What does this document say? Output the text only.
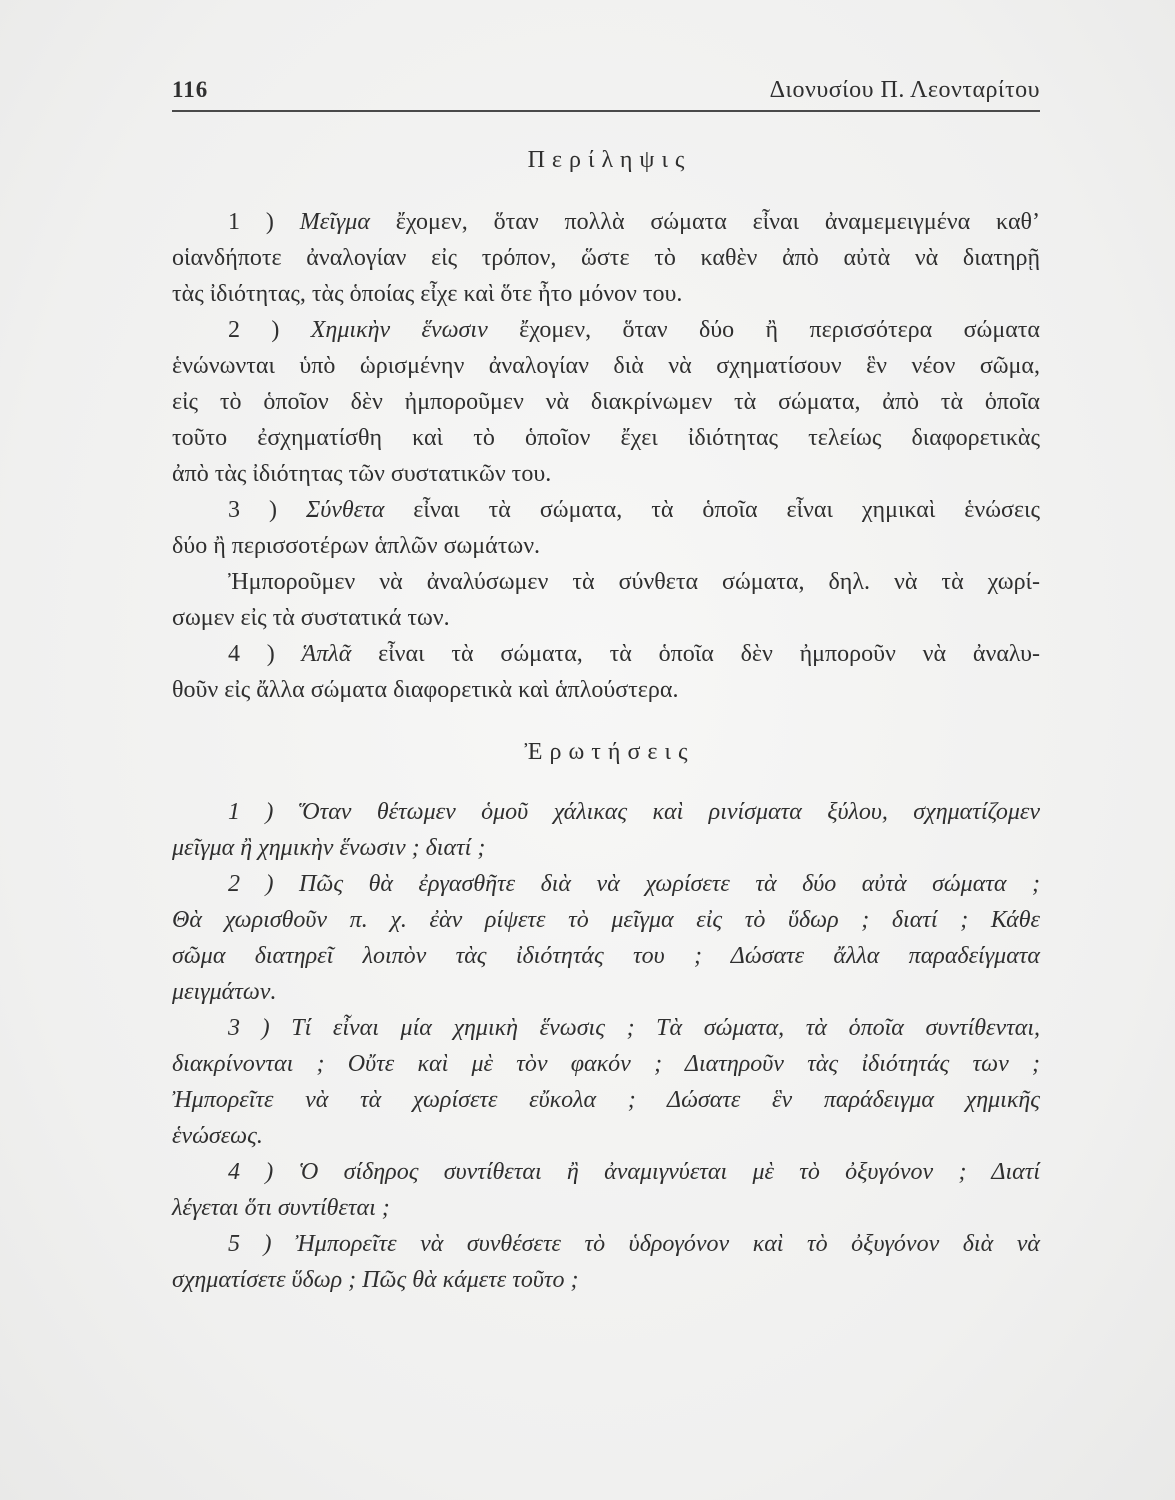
116	Διονυσίου Π. Λεονταρίτου
Περίληψις
1 ) Μεῖγμα ἔχομεν, ὅταν πολλὰ σώματα εἶναι ἀναμεμειγμένα καθ’
οἱανδήποτε ἀναλογίαν εἰς τρόπον, ὥστε τὸ καθὲν ἀπὸ αὐτὰ νὰ διατηρῇ
τὰς ἰδιότητας, τὰς ὁποίας εἶχε καὶ ὅτε ἦτο μόνον του.
2 ) Χημικὴν ἕνωσιν ἔχομεν, ὅταν δύο ἢ περισσότερα σώματα
ἑνώνωνται ὑπὸ ὡρισμένην ἀναλογίαν διὰ νὰ σχηματίσουν ἓν νέον σῶμα,
εἰς τὸ ὁποῖον δὲν ἠμποροῦμεν νὰ διακρίνωμεν τὰ σώματα, ἀπὸ τὰ ὁποῖα
τοῦτο ἐσχηματίσθη καὶ τὸ ὁποῖον ἔχει ἰδιότητας τελείως διαφορετικὰς
ἀπὸ τὰς ἰδιότητας τῶν συστατικῶν του.
3 ) Σύνθετα εἶναι τὰ σώματα, τὰ ὁποῖα εἶναι χημικαὶ ἑνώσεις
δύο ἢ περισσοτέρων ἁπλῶν σωμάτων.
Ἠμποροῦμεν νὰ ἀναλύσωμεν τὰ σύνθετα σώματα, δηλ. νὰ τὰ χωρί-
σωμεν εἰς τὰ συστατικά των.
4 ) Ἁπλᾶ εἶναι τὰ σώματα, τὰ ὁποῖα δὲν ἠμποροῦν νὰ ἀναλυ-
θοῦν εἰς ἄλλα σώματα διαφορετικὰ καὶ ἁπλούστερα.
Ἐρωτήσεις
1 ) Ὅταν θέτωμεν ὁμοῦ χάλικας καὶ ρινίσματα ξύλου, σχηματίζομεν
μεῖγμα ἢ χημικὴν ἕνωσιν ; διατί ;
2 ) Πῶς θὰ ἐργασθῆτε διὰ νὰ χωρίσετε τὰ δύο αὐτὰ σώματα ;
Θὰ χωρισθοῦν π. χ. ἐὰν ρίψετε τὸ μεῖγμα εἰς τὸ ὕδωρ ; διατί ; Κάθε
σῶμα διατηρεῖ λοιπὸν τὰς ἰδιότητάς του ; Δώσατε ἄλλα παραδείγματα
μειγμάτων.
3 ) Τί εἶναι μία χημικὴ ἕνωσις ; Τὰ σώματα, τὰ ὁποῖα συντίθενται,
διακρίνονται ; Οὔτε καὶ μὲ τὸν φακόν ; Διατηροῦν τὰς ἰδιότητάς των ;
Ἠμπορεῖτε νὰ τὰ χωρίσετε εὔκολα ; Δώσατε ἓν παράδειγμα χημικῆς
ἑνώσεως.
4 ) Ὁ σίδηρος συντίθεται ἢ ἀναμιγνύεται μὲ τὸ ὀξυγόνον ; Διατί
λέγεται ὅτι συντίθεται ;
5 ) Ἠμπορεῖτε νὰ συνθέσετε τὸ ὑδρογόνον καὶ τὸ ὀξυγόνον διὰ νὰ
σχηματίσετε ὕδωρ ; Πῶς θὰ κάμετε τοῦτο ;
